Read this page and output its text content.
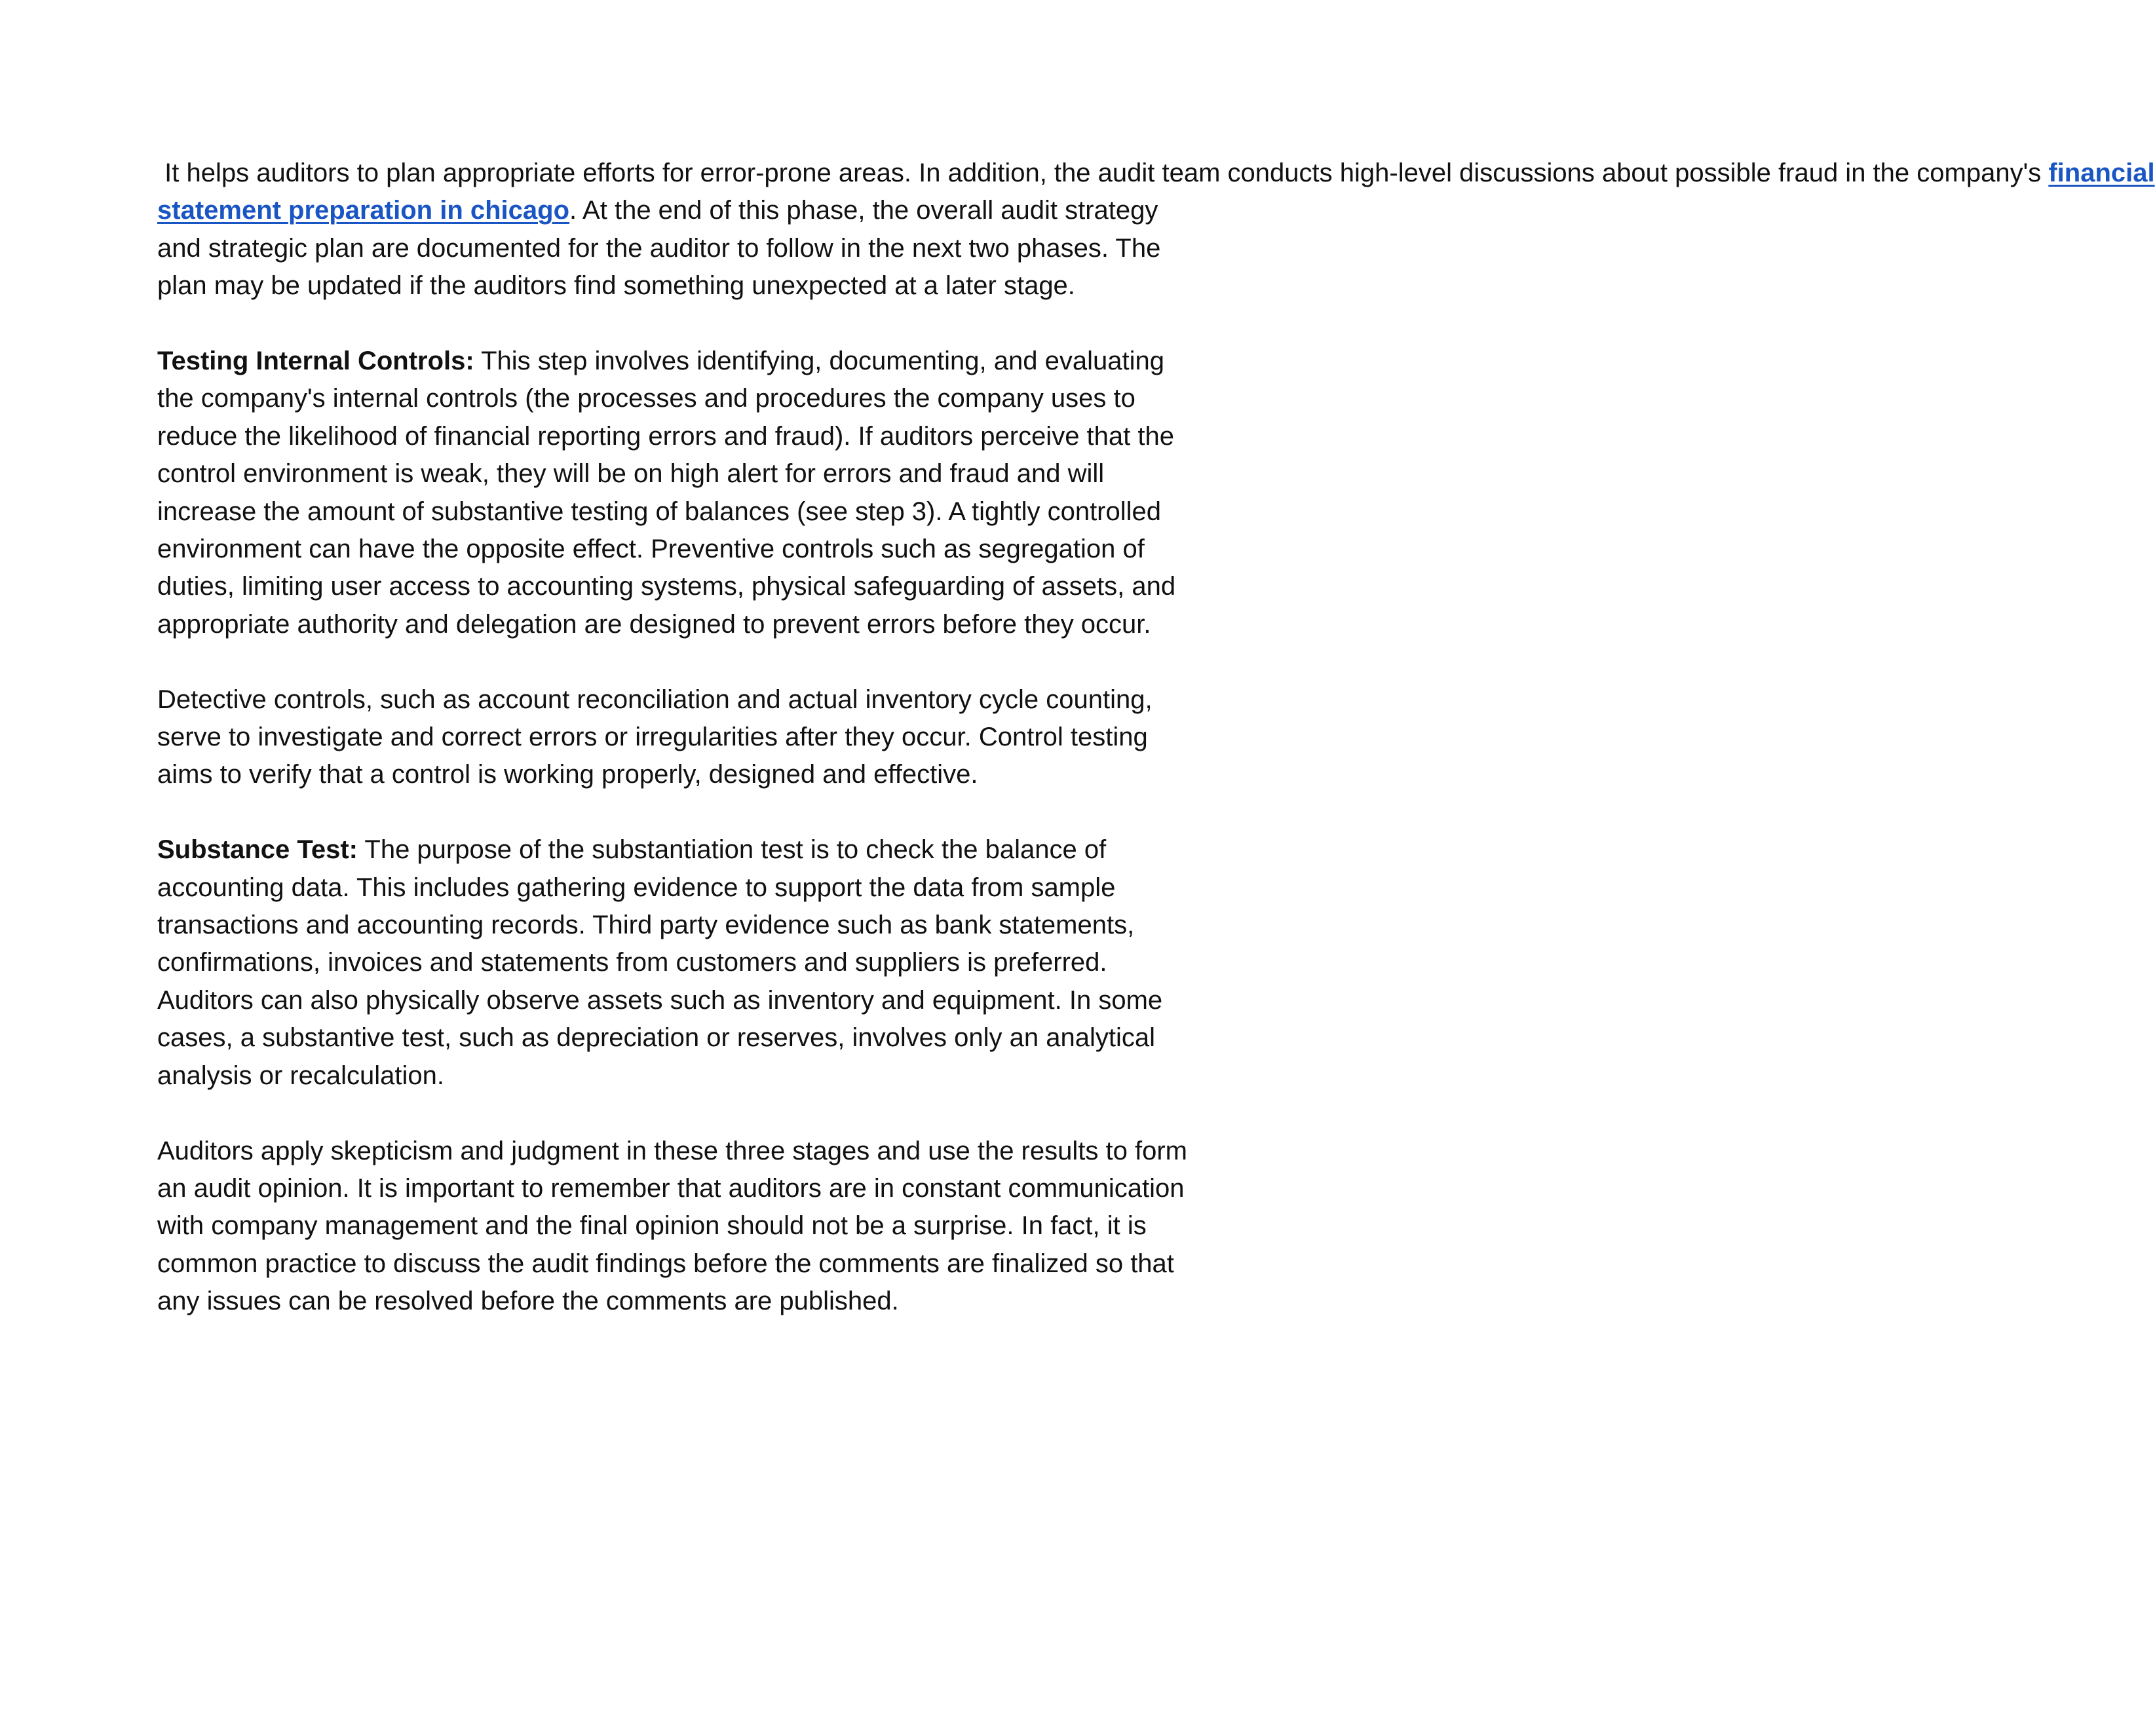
It helps auditors to plan appropriate efforts for error-prone areas. In addition, the audit team conducts high-level discussions about possible fraud in the company's financial statement preparation in chicago. At the end of this phase, the overall audit strategy and strategic plan are documented for the auditor to follow in the next two phases. The plan may be updated if the auditors find something unexpected at a later stage.

Testing Internal Controls: This step involves identifying, documenting, and evaluating the company's internal controls (the processes and procedures the company uses to reduce the likelihood of financial reporting errors and fraud). If auditors perceive that the control environment is weak, they will be on high alert for errors and fraud and will increase the amount of substantive testing of balances (see step 3). A tightly controlled environment can have the opposite effect. Preventive controls such as segregation of duties, limiting user access to accounting systems, physical safeguarding of assets, and appropriate authority and delegation are designed to prevent errors before they occur.

Detective controls, such as account reconciliation and actual inventory cycle counting, serve to investigate and correct errors or irregularities after they occur. Control testing aims to verify that a control is working properly, designed and effective.

Substance Test: The purpose of the substantiation test is to check the balance of accounting data. This includes gathering evidence to support the data from sample transactions and accounting records. Third party evidence such as bank statements, confirmations, invoices and statements from customers and suppliers is preferred. Auditors can also physically observe assets such as inventory and equipment. In some cases, a substantive test, such as depreciation or reserves, involves only an analytical analysis or recalculation.

Auditors apply skepticism and judgment in these three stages and use the results to form an audit opinion. It is important to remember that auditors are in constant communication with company management and the final opinion should not be a surprise. In fact, it is common practice to discuss the audit findings before the comments are finalized so that any issues can be resolved before the comments are published.
